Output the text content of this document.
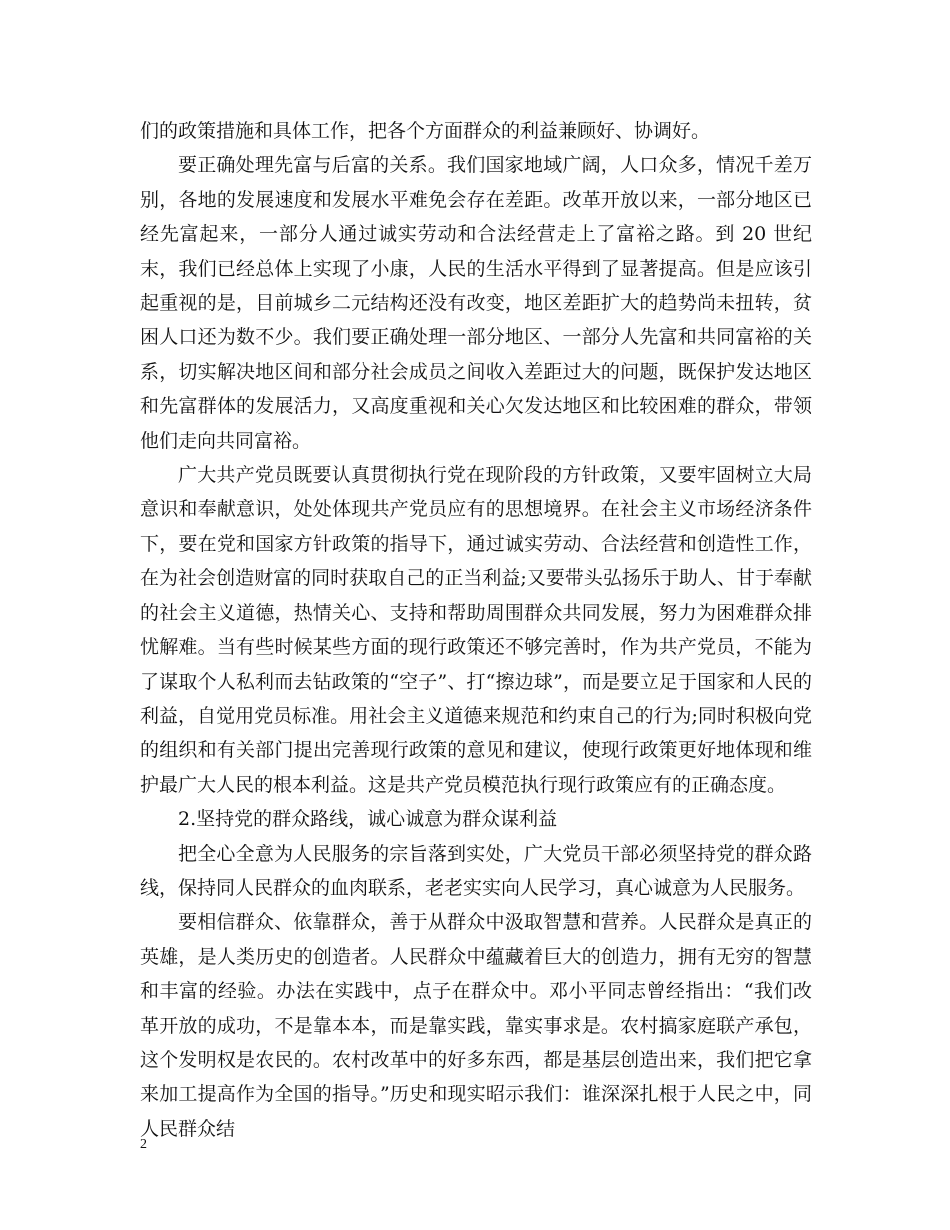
们的政策措施和具体工作，把各个方面群众的利益兼顾好、协调好。

要正确处理先富与后富的关系。我们国家地域广阔，人口众多，情况千差万别，各地的发展速度和发展水平难免会存在差距。改革开放以来，一部分地区已经先富起来，一部分人通过诚实劳动和合法经营走上了富裕之路。到 20 世纪末，我们已经总体上实现了小康，人民的生活水平得到了显著提高。但是应该引起重视的是，目前城乡二元结构还没有改变，地区差距扩大的趋势尚未扭转，贫困人口还为数不少。我们要正确处理一部分地区、一部分人先富和共同富裕的关系，切实解决地区间和部分社会成员之间收入差距过大的问题，既保护发达地区和先富群体的发展活力，又高度重视和关心欠发达地区和比较困难的群众，带领他们走向共同富裕。

广大共产党员既要认真贯彻执行党在现阶段的方针政策，又要牢固树立大局意识和奉献意识，处处体现共产党员应有的思想境界。在社会主义市场经济条件下，要在党和国家方针政策的指导下，通过诚实劳动、合法经营和创造性工作，在为社会创造财富的同时获取自己的正当利益;又要带头弘扬乐于助人、甘于奉献的社会主义道德，热情关心、支持和帮助周围群众共同发展，努力为困难群众排忧解难。当有些时候某些方面的现行政策还不够完善时，作为共产党员，不能为了谋取个人私利而去钻政策的“空子”、打“擦边球”，而是要立足于国家和人民的利益，自觉用党员标准。用社会主义道德来规范和约束自己的行为;同时积极向党的组织和有关部门提出完善现行政策的意见和建议，使现行政策更好地体现和维护最广大人民的根本利益。这是共产党员模范执行现行政策应有的正确态度。

2.坚持党的群众路线，诚心诚意为群众谋利益

把全心全意为人民服务的宗旨落到实处，广大党员干部必须坚持党的群众路线，保持同人民群众的血肉联系，老老实实向人民学习，真心诚意为人民服务。

要相信群众、依靠群众，善于从群众中汲取智慧和营养。人民群众是真正的英雄，是人类历史的创造者。人民群众中蕴藏着巨大的创造力，拥有无穷的智慧和丰富的经验。办法在实践中，点子在群众中。邓小平同志曾经指出：“我们改革开放的成功，不是靠本本，而是靠实践，靠实事求是。农村搞家庭联产承包，这个发明权是农民的。农村改革中的好多东西，都是基层创造出来，我们把它拿来加工提高作为全国的指导。”历史和现实昭示我们：谁深深扎根于人民之中，同人民群众结

2
